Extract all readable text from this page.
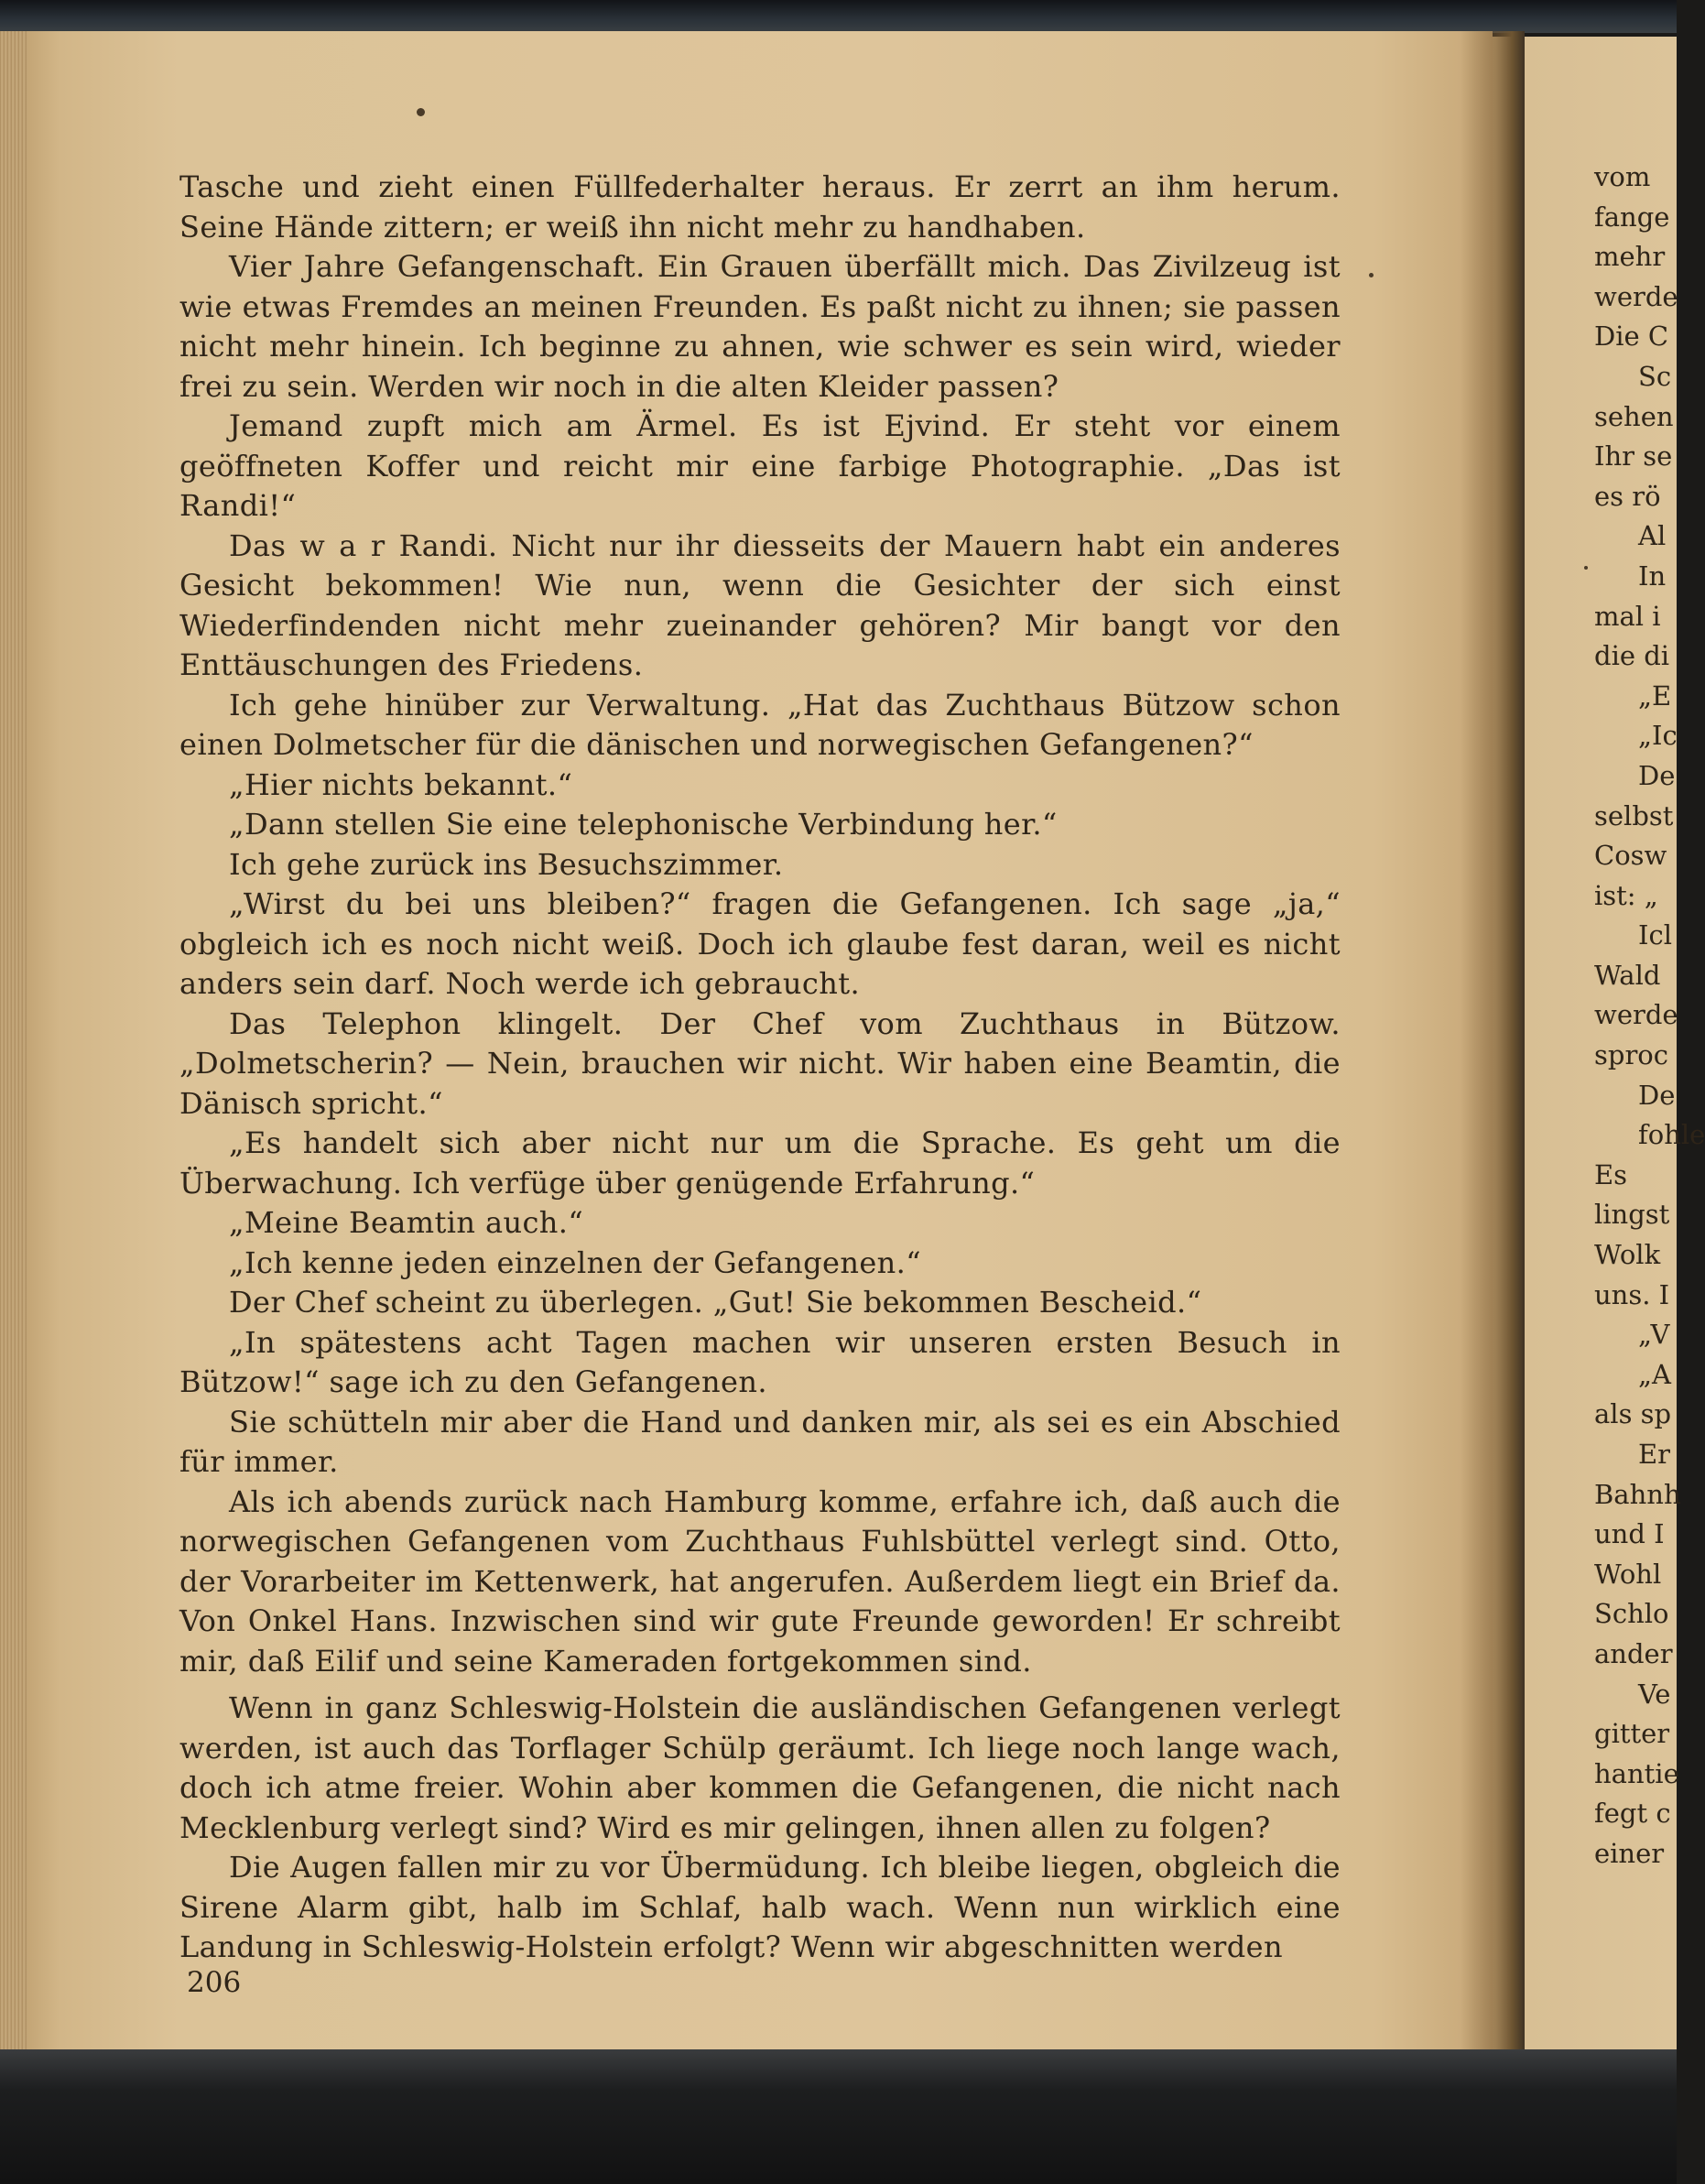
Tasche und zieht einen Füllfederhalter heraus. Er zerrt an ihm herum. Seine Hände zittern; er weiß ihn nicht mehr zu handhaben.

Vier Jahre Gefangenschaft. Ein Grauen überfällt mich. Das Zivilzeug ist wie etwas Fremdes an meinen Freunden. Es paßt nicht zu ihnen; sie passen nicht mehr hinein. Ich beginne zu ahnen, wie schwer es sein wird, wieder frei zu sein. Werden wir noch in die alten Kleider passen?

Jemand zupft mich am Ärmel. Es ist Ejvind. Er steht vor einem geöffneten Koffer und reicht mir eine farbige Photographie. „Das ist Randi!“

Das w a r Randi. Nicht nur ihr diesseits der Mauern habt ein anderes Gesicht bekommen! Wie nun, wenn die Gesichter der sich einst Wiederfindenden nicht mehr zueinander gehören? Mir bangt vor den Enttäuschungen des Friedens.

Ich gehe hinüber zur Verwaltung. „Hat das Zuchthaus Bützow schon einen Dolmetscher für die dänischen und norwegischen Gefangenen?“

„Hier nichts bekannt.“

„Dann stellen Sie eine telephonische Verbindung her.“

Ich gehe zurück ins Besuchszimmer.

„Wirst du bei uns bleiben?“ fragen die Gefangenen. Ich sage „ja,“ obgleich ich es noch nicht weiß. Doch ich glaube fest daran, weil es nicht anders sein darf. Noch werde ich gebraucht.

Das Telephon klingelt. Der Chef vom Zuchthaus in Bützow. „Dolmetscherin? — Nein, brauchen wir nicht. Wir haben eine Beamtin, die Dänisch spricht.“

„Es handelt sich aber nicht nur um die Sprache. Es geht um die Überwachung. Ich verfüge über genügende Erfahrung.“

„Meine Beamtin auch.“

„Ich kenne jeden einzelnen der Gefangenen.“

Der Chef scheint zu überlegen. „Gut! Sie bekommen Bescheid.“

„In spätestens acht Tagen machen wir unseren ersten Besuch in Bützow!“ sage ich zu den Gefangenen.

Sie schütteln mir aber die Hand und danken mir, als sei es ein Abschied für immer.

Als ich abends zurück nach Hamburg komme, erfahre ich, daß auch die norwegischen Gefangenen vom Zuchthaus Fuhlsbüttel verlegt sind. Otto, der Vorarbeiter im Kettenwerk, hat angerufen. Außerdem liegt ein Brief da. Von Onkel Hans. Inzwischen sind wir gute Freunde geworden! Er schreibt mir, daß Eilif und seine Kameraden fortgekommen sind.

Wenn in ganz Schleswig-Holstein die ausländischen Gefangenen verlegt werden, ist auch das Torflager Schülp geräumt. Ich liege noch lange wach, doch ich atme freier. Wohin aber kommen die Gefangenen, die nicht nach Mecklenburg verlegt sind? Wird es mir gelingen, ihnen allen zu folgen?

Die Augen fallen mir zu vor Übermüdung. Ich bleibe liegen, obgleich die Sirene Alarm gibt, halb im Schlaf, halb wach. Wenn nun wirklich eine Landung in Schleswig-Holstein erfolgt? Wenn wir abgeschnitten werden

206
vom
fange
mehr
werde
Die C
Sc
sehen
Ihr se
es rö
Al
In
mal i
die di
„E
„Ic
De
selbst
Cosw
ist: „
Icl
Wald
werde
sproc
De
fohle
Es
lingst
Wolk
uns. I
„V
„A
als sp
Er
Bahnh
und I
Wohl
Schlo
ander
Ve
gitter
hantie
fegt c
einer
